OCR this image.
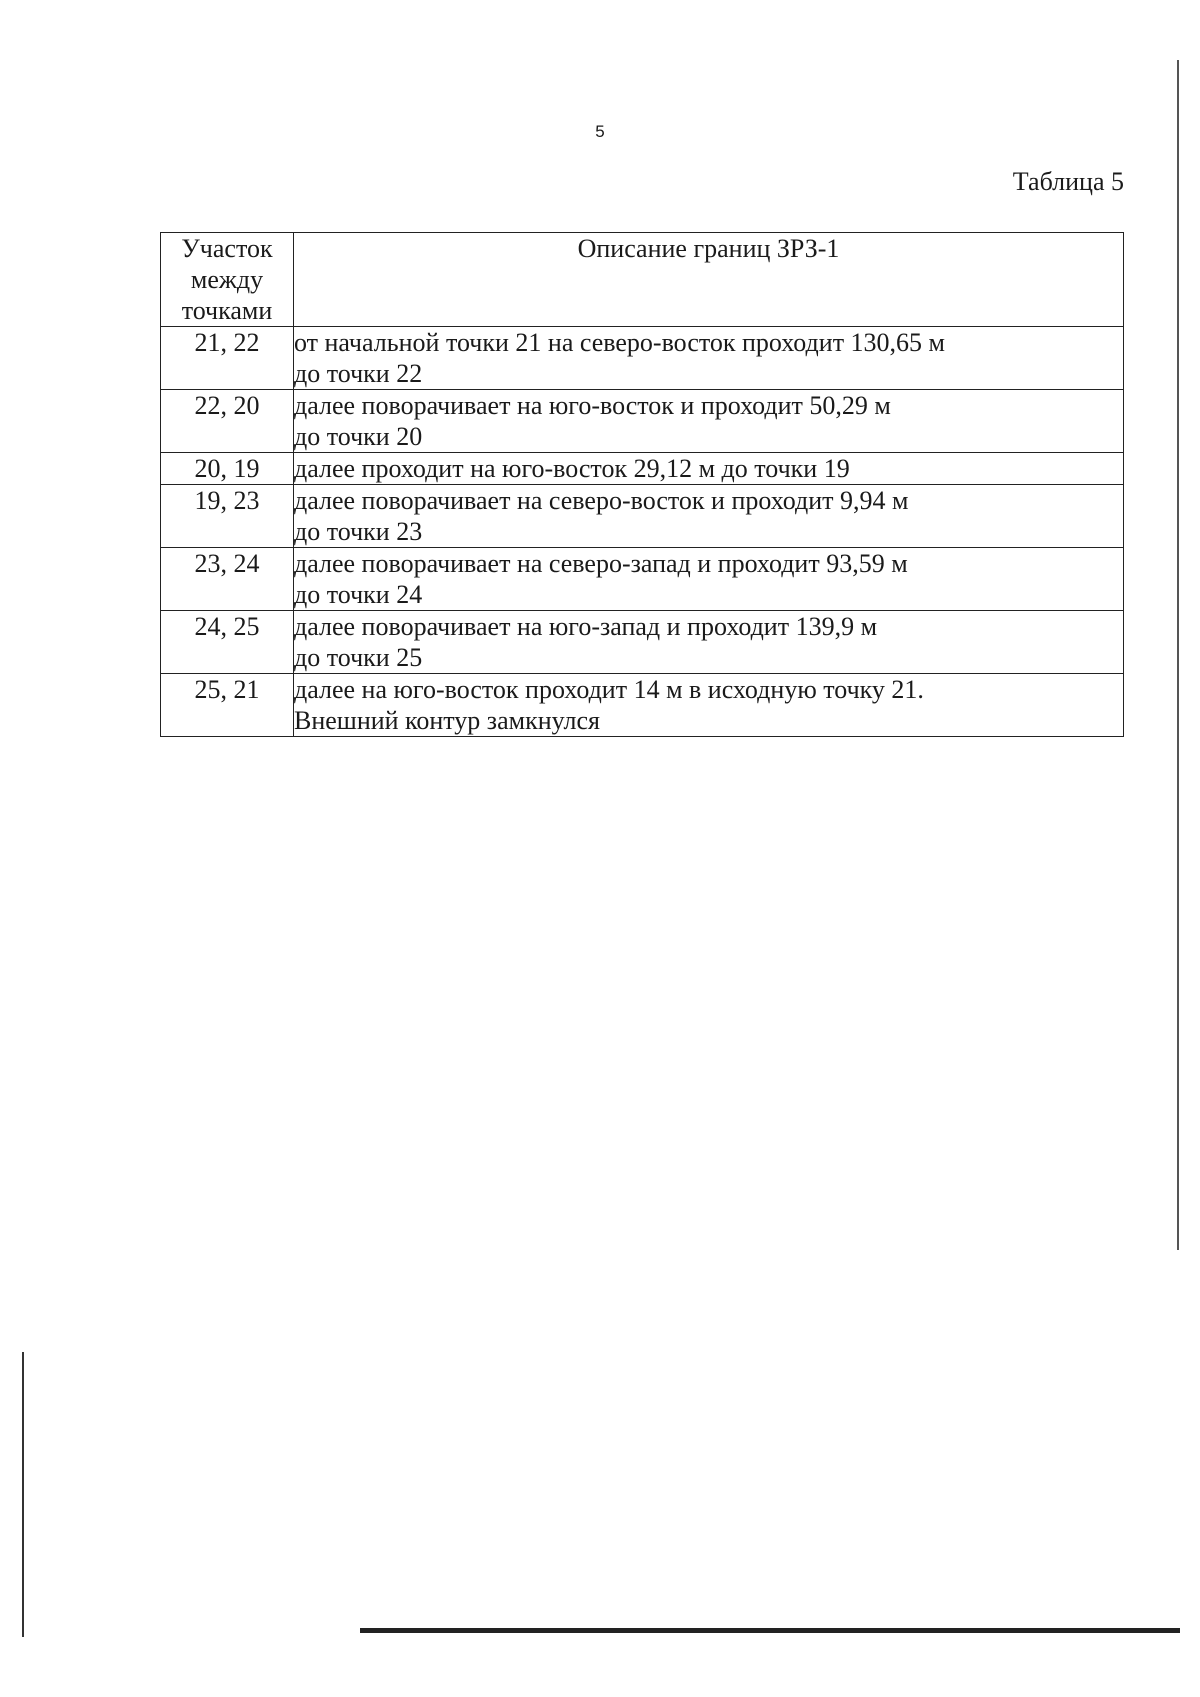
5
Таблица 5
Участок
между
точками	Описание границ ЗРЗ-1
21, 22	от начальной точки 21 на северо-восток проходит 130,65 м
до точки 22

22, 20	далее поворачивает на юго-восток и проходит 50,29 м
до точки 20

20, 19	далее проходит на юго-восток 29,12 м до точки 19

19, 23	далее поворачивает на северо-восток и проходит 9,94 м
до точки 23

23, 24	далее поворачивает на северо-запад и проходит 93,59 м
до точки 24

24, 25	далее поворачивает на юго-запад и проходит 139,9 м
до точки 25

25, 21	далее на юго-восток проходит 14 м в исходную точку 21.
Внешний контур замкнулся
